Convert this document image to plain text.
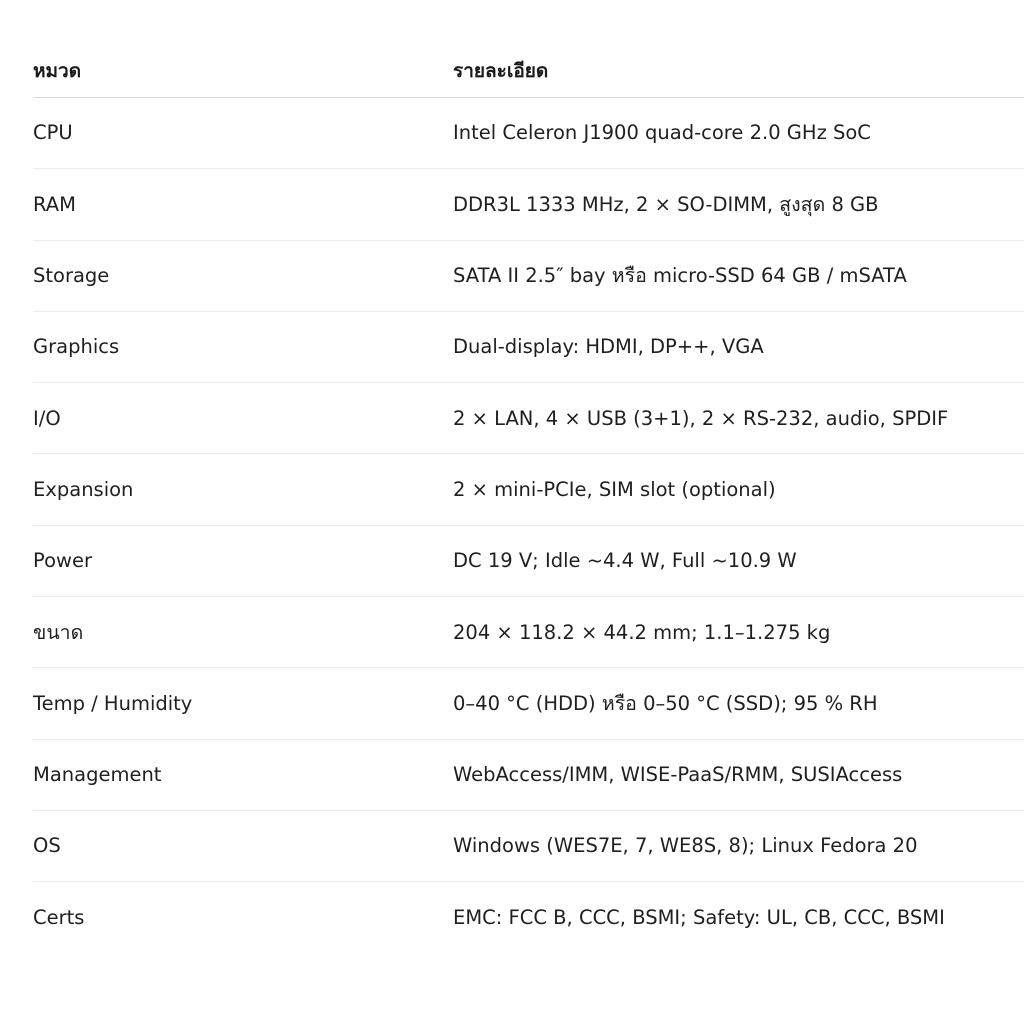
หมวด	รายละเอียด
CPU	Intel Celeron J1900 quad-core 2.0 GHz SoC
RAM	DDR3L 1333 MHz, 2 × SO-DIMM, สูงสุด 8 GB
Storage	SATA II 2.5″ bay หรือ micro-SSD 64 GB / mSATA
Graphics	Dual-display: HDMI, DP++, VGA
I/O	2 × LAN, 4 × USB (3+1), 2 × RS-232, audio, SPDIF
Expansion	2 × mini-PCIe, SIM slot (optional)
Power	DC 19 V; Idle ~4.4 W, Full ~10.9 W
ขนาด	204 × 118.2 × 44.2 mm; 1.1–1.275 kg
Temp / Humidity	0–40 °C (HDD) หรือ 0–50 °C (SSD); 95 % RH
Management	WebAccess/IMM, WISE-PaaS/RMM, SUSIAccess
OS	Windows (WES7E, 7, WE8S, 8); Linux Fedora 20
Certs	EMC: FCC B, CCC, BSMI; Safety: UL, CB, CCC, BSMI
